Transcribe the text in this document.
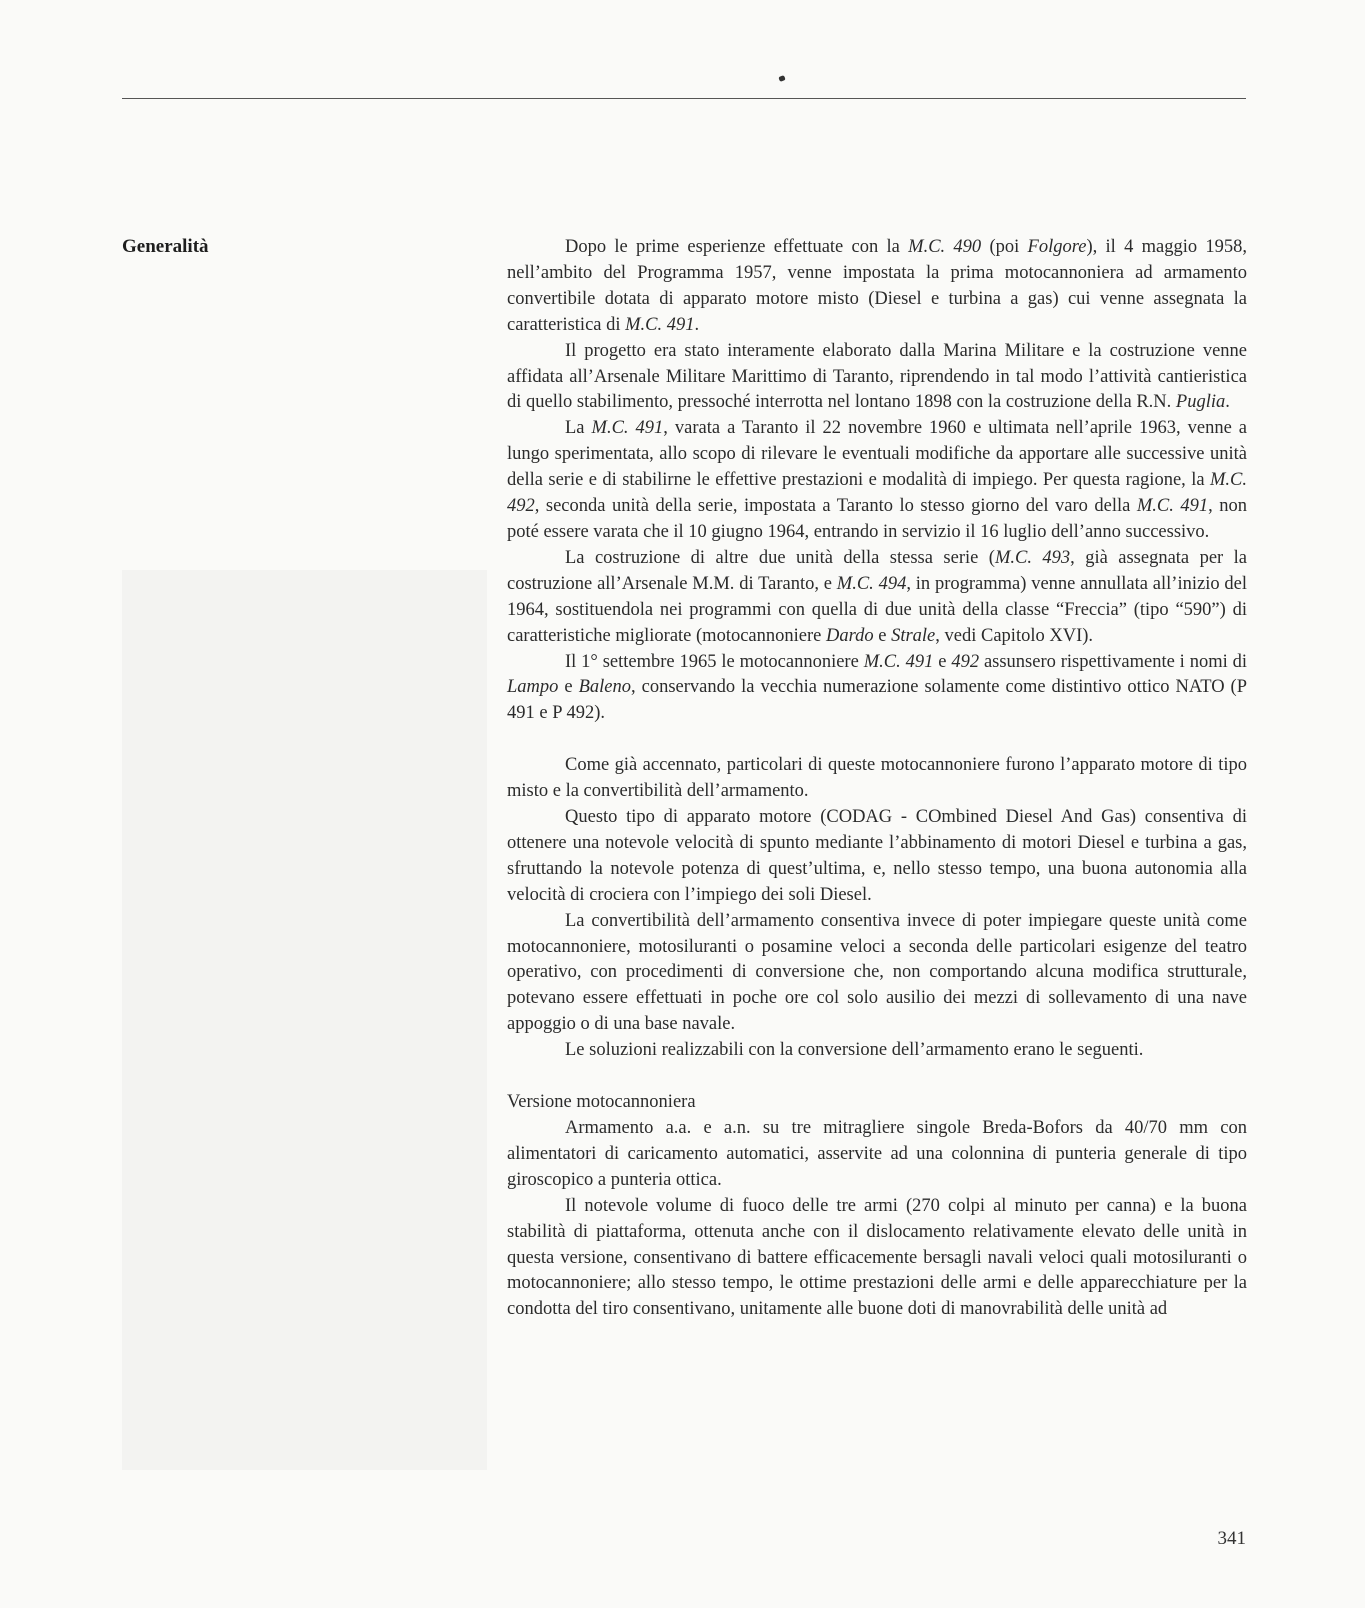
Generalità	Dopo le prime esperienze effettuate con la M.C. 490 (poi Folgore), il 4 maggio 1958, nell’ambito del Programma 1957, venne impostata la prima motocannoniera ad armamento convertibile dotata di apparato motore misto (Diesel e turbina a gas) cui venne assegnata la caratteristica di M.C. 491.

Il progetto era stato interamente elaborato dalla Marina Militare e la costruzione venne affidata all’Arsenale Militare Marittimo di Taranto, riprendendo in tal modo l’attività cantieristica di quello stabilimento, pressoché interrotta nel lontano 1898 con la costruzione della R.N. Puglia.

La M.C. 491, varata a Taranto il 22 novembre 1960 e ultimata nell’aprile 1963, venne a lungo sperimentata, allo scopo di rilevare le eventuali modifiche da apportare alle successive unità della serie e di stabilirne le effettive prestazioni e modalità di impiego. Per questa ragione, la M.C. 492, seconda unità della serie, impostata a Taranto lo stesso giorno del varo della M.C. 491, non poté essere varata che il 10 giugno 1964, entrando in servizio il 16 luglio dell’anno successivo.

La costruzione di altre due unità della stessa serie (M.C. 493, già assegnata per la costruzione all’Arsenale M.M. di Taranto, e M.C. 494, in programma) venne annullata all’inizio del 1964, sostituendola nei programmi con quella di due unità della classe “Freccia” (tipo “590”) di caratteristiche migliorate (motocannoniere Dardo e Strale, vedi Capitolo XVI).

Il 1° settembre 1965 le motocannoniere M.C. 491 e 492 assunsero rispettivamente i nomi di Lampo e Baleno, conservando la vecchia numerazione solamente come distintivo ottico NATO (P 491 e P 492).

Come già accennato, particolari di queste motocannoniere furono l’apparato motore di tipo misto e la convertibilità dell’armamento.

Questo tipo di apparato motore (CODAG - COmbined Diesel And Gas) consentiva di ottenere una notevole velocità di spunto mediante l’abbinamento di motori Diesel e turbina a gas, sfruttando la notevole potenza di quest’ultima, e, nello stesso tempo, una buona autonomia alla velocità di crociera con l’impiego dei soli Diesel.

La convertibilità dell’armamento consentiva invece di poter impiegare queste unità come motocannoniere, motosiluranti o posamine veloci a seconda delle particolari esigenze del teatro operativo, con procedimenti di conversione che, non comportando alcuna modifica strutturale, potevano essere effettuati in poche ore col solo ausilio dei mezzi di sollevamento di una nave appoggio o di una base navale.

Le soluzioni realizzabili con la conversione dell’armamento erano le seguenti.

Versione motocannoniera

Armamento a.a. e a.n. su tre mitragliere singole Breda-Bofors da 40/70 mm con alimentatori di caricamento automatici, asservite ad una colonnina di punteria generale di tipo giroscopico a punteria ottica.

Il notevole volume di fuoco delle tre armi (270 colpi al minuto per canna) e la buona stabilità di piattaforma, ottenuta anche con il dislocamento relativamente elevato delle unità in questa versione, consentivano di battere efficacemente bersagli navali veloci quali motosiluranti o motocannoniere; allo stesso tempo, le ottime prestazioni delle armi e delle apparecchiature per la condotta del tiro consentivano, unitamente alle buone doti di manovrabilità delle unità ad

341
